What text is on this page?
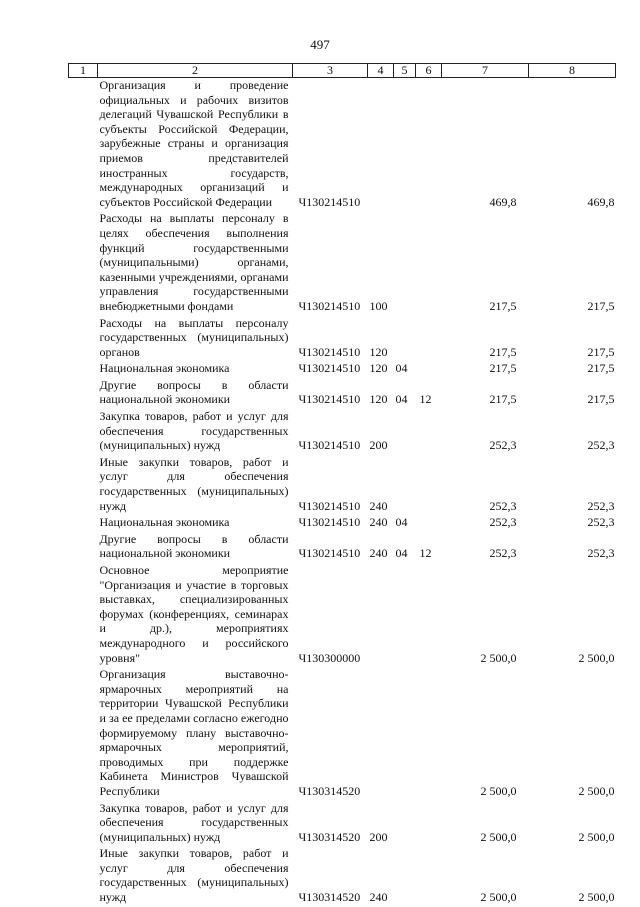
497
1	2	3	4	5	6	7	8
	Организация и проведение официальных и рабочих визитов делегаций Чувашской Республики в субъекты Российской Федерации, зарубежные страны и организация приемов представителей иностранных государств, международных организаций и субъектов Российской Федерации	Ч130214510				469,8	469,8
	Расходы на выплаты персоналу в целях обеспечения выполнения функций государственными (муниципальными) органами, казенными учреждениями, органами управления государственными внебюджетными фондами	Ч130214510	100			217,5	217,5
	Расходы на выплаты персоналу государственных (муниципальных) органов	Ч130214510	120			217,5	217,5
	Национальная экономика	Ч130214510	120	04		217,5	217,5
	Другие вопросы в области национальной экономики	Ч130214510	120	04	12	217,5	217,5
	Закупка товаров, работ и услуг для обеспечения государственных (муниципальных) нужд	Ч130214510	200			252,3	252,3
	Иные закупки товаров, работ и услуг для обеспечения государственных (муниципальных) нужд	Ч130214510	240			252,3	252,3
	Национальная экономика	Ч130214510	240	04		252,3	252,3
	Другие вопросы в области национальной экономики	Ч130214510	240	04	12	252,3	252,3
	Основное мероприятие "Организация и участие в торговых выставках, специализированных форумах (конференциях, семинарах и др.), мероприятиях международного и российского уровня"	Ч130300000				2 500,0	2 500,0
	Организация выставочно-ярмарочных мероприятий на территории Чувашской Республики и за ее пределами согласно ежегодно формируемому плану выставочно-ярмарочных мероприятий, проводимых при поддержке Кабинета Министров Чувашской Республики	Ч130314520				2 500,0	2 500,0
	Закупка товаров, работ и услуг для обеспечения государственных (муниципальных) нужд	Ч130314520	200			2 500,0	2 500,0
	Иные закупки товаров, работ и услуг для обеспечения государственных (муниципальных) нужд	Ч130314520	240			2 500,0	2 500,0
